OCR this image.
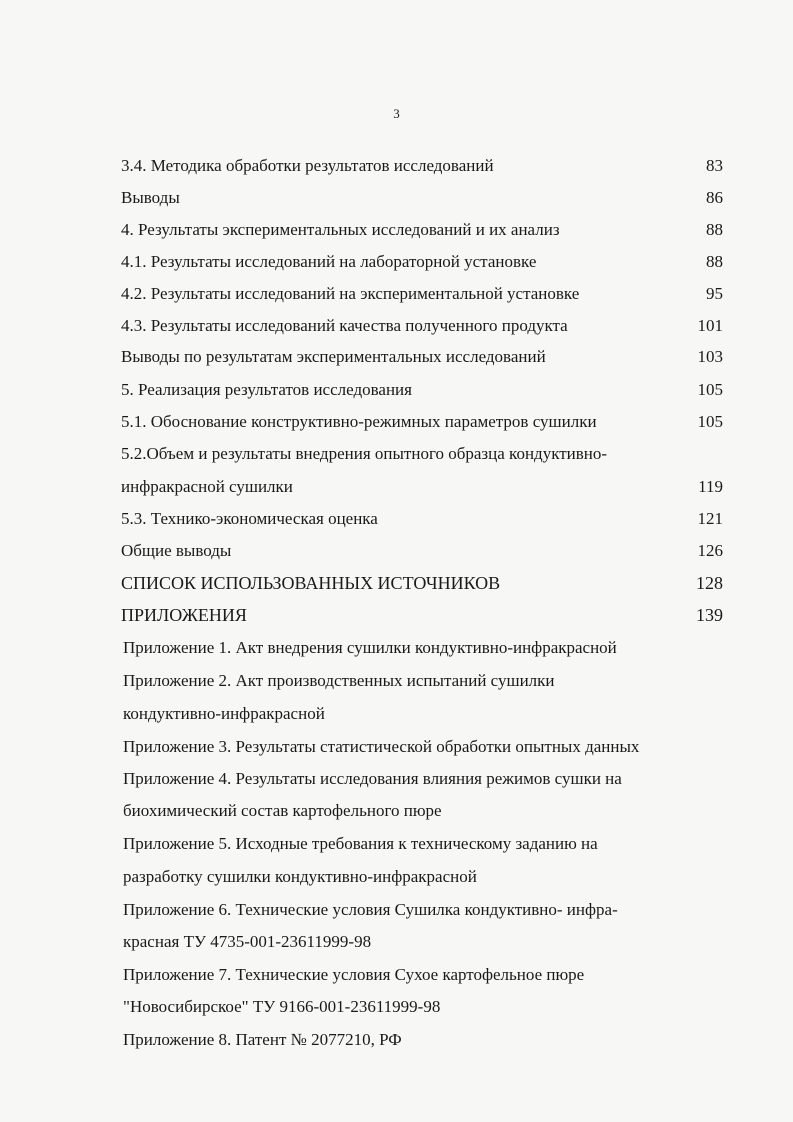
3
3.4. Методика обработки результатов исследований	83
Выводы	86
4. Результаты экспериментальных исследований и их анализ	88
4.1. Результаты исследований на лабораторной установке	88
4.2. Результаты исследований на экспериментальной установке	95
4.3. Результаты исследований качества полученного продукта	101
Выводы по результатам экспериментальных исследований	103
5. Реализация результатов исследования	105
5.1. Обоснование конструктивно-режимных параметров сушилки	105
5.2.Объем и результаты внедрения опытного образца кондуктивно-
инфракрасной сушилки	119
5.3. Технико-экономическая оценка	121
Общие выводы	126
СПИСОК ИСПОЛЬЗОВАННЫХ ИСТОЧНИКОВ	128
ПРИЛОЖЕНИЯ	139
Приложение 1. Акт внедрения сушилки кондуктивно-инфракрасной
Приложение 2. Акт производственных испытаний сушилки
кондуктивно-инфракрасной
Приложение 3. Результаты статистической обработки опытных данных
Приложение 4. Результаты исследования влияния режимов сушки на
биохимический состав картофельного пюре
Приложение 5. Исходные требования к техническому заданию на
разработку сушилки кондуктивно-инфракрасной
Приложение 6. Технические условия Сушилка кондуктивно- инфра-
красная ТУ 4735-001-23611999-98
Приложение 7. Технические условия Сухое картофельное пюре
"Новосибирское" ТУ 9166-001-23611999-98
Приложение 8. Патент № 2077210, РФ
